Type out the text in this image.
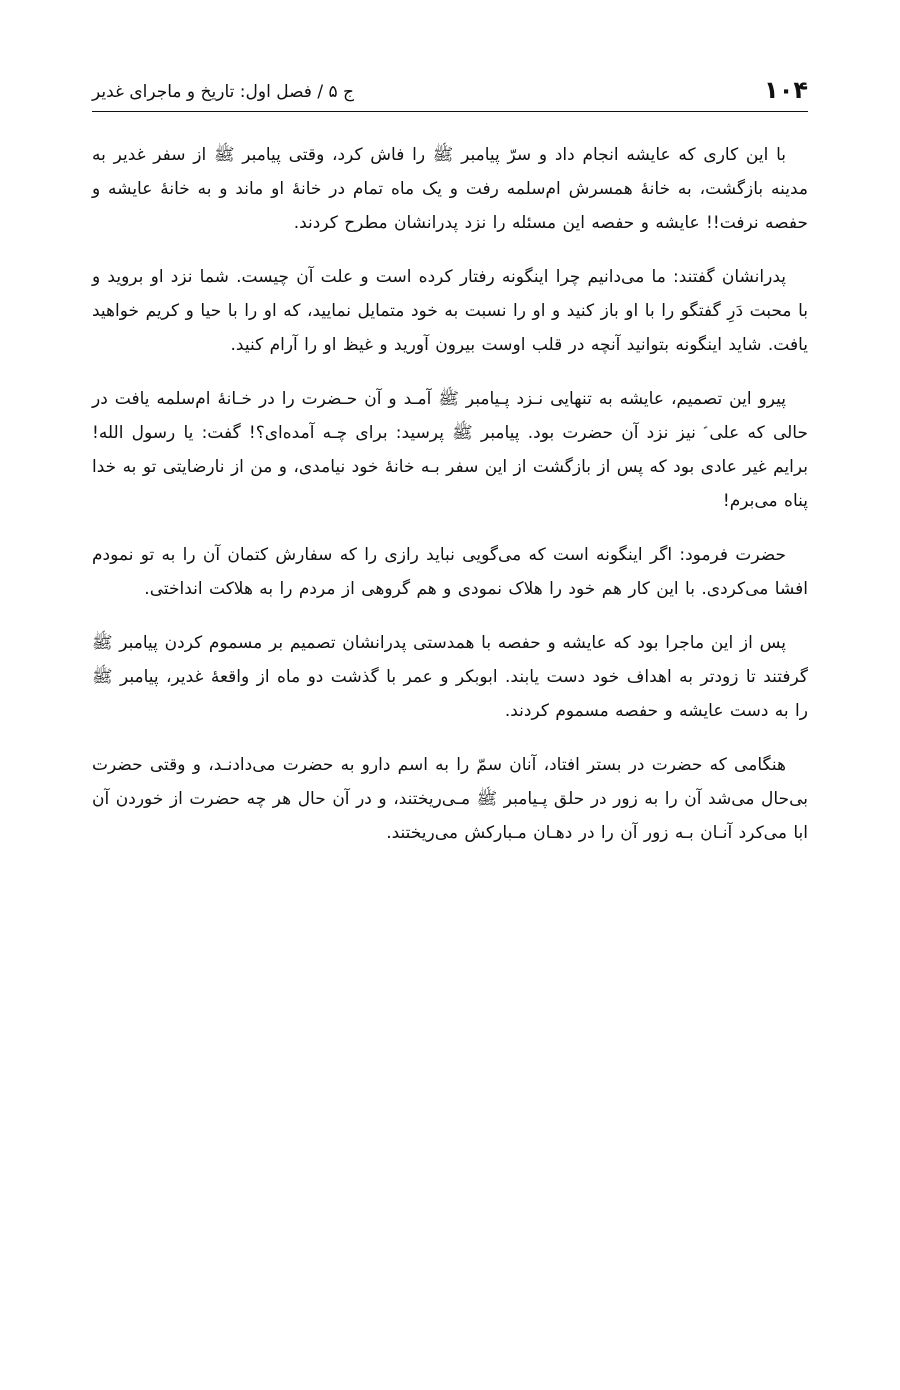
۱۰۴
ج ۵ / فصل اول: تاریخ و ماجرای غدیر

با این کاری که عایشه انجام داد و سرّ پیامبر ﷺ را فاش کرد، وقتی پیامبر ﷺ از سفر غدیر به مدینه بازگشت، به خانهٔ همسرش ام‌سلمه رفت و یک ماه تمام در خانهٔ او ماند و به خانهٔ عایشه و حفصه نرفت!! عایشه و حفصه این مسئله را نزد پدرانشان مطرح کردند.

پدرانشان گفتند: ما می‌دانیم چرا اینگونه رفتار کرده است و علت آن چیست. شما نزد او بروید و با محبت دَرِ گفتگو را با او باز کنید و او را نسبت به خود متمایل نمایید، که او را با حیا و کریم خواهید یافت. شاید اینگونه بتوانید آنچه در قلب اوست بیرون آورید و غیظ او را آرام کنید.

پیرو این تصمیم، عایشه به تنهایی نـزد پـیامبر ﷺ آمـد و آن حـضرت را در خـانهٔ ام‌سلمه یافت در حالی که علی ؑ نیز نزد آن حضرت بود. پیامبر ﷺ پرسید: برای چـه آمده‌ای؟! گفت: یا رسول الله! برایم غیر عادی بود که پس از بازگشت از این سفر بـه خانهٔ خود نیامدی، و من از نارضایتی تو به خدا پناه می‌برم!

حضرت فرمود: اگر اینگونه است که می‌گویی نباید رازی را که سفارش کتمان آن را به تو نمودم افشا می‌کردی. با این کار هم خود را هلاک نمودی و هم گروهی از مردم را به هلاکت انداختی.

پس از این ماجرا بود که عایشه و حفصه با همدستی پدرانشان تصمیم بر مسموم کردن پیامبر ﷺ گرفتند تا زودتر به اهداف خود دست یابند. ابوبکر و عمر با گذشت دو ماه از واقعهٔ غدیر، پیامبر ﷺ را به دست عایشه و حفصه مسموم کردند.

هنگامی که حضرت در بستر افتاد، آنان سمّ را به اسم دارو به حضرت می‌دادنـد، و وقتی حضرت بی‌حال می‌شد آن را به زور در حلق پـیامبر ﷺ مـی‌ریختند، و در آن حال هر چه حضرت از خوردن آن ابا می‌کرد آنـان بـه زور آن را در دهـان مـبارکش می‌ریختند.
